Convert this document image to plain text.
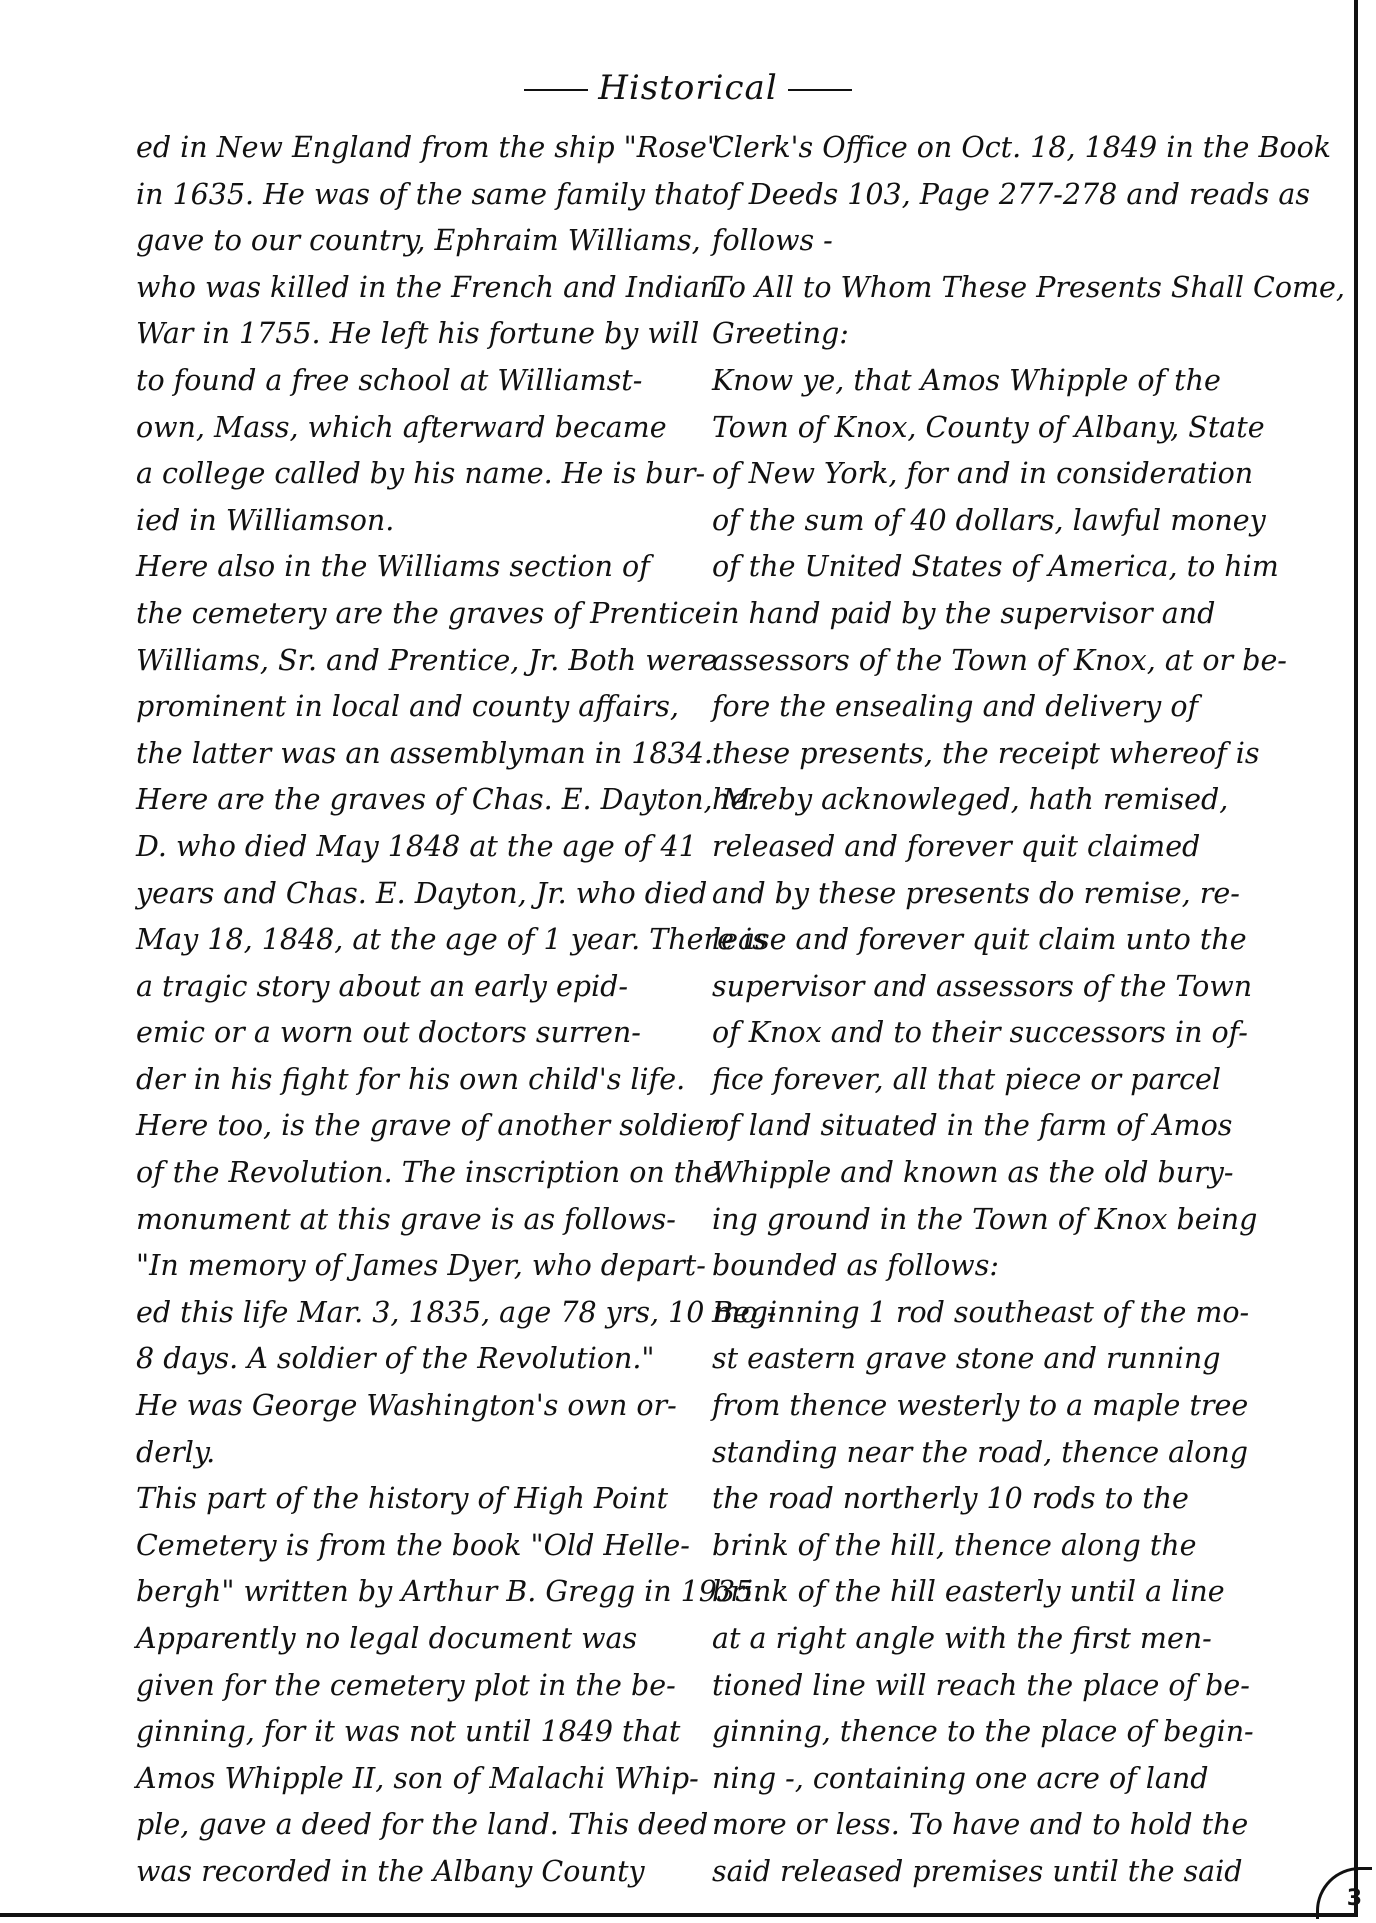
Historical
ed in New England from the ship "Rose"
in 1635. He was of the same family that
gave to our country, Ephraim Williams,
who was killed in the French and Indian
War in 1755. He left his fortune by will
to found a free school at Williamst-
own, Mass, which afterward became
a college called by his name. He is bur-
ied in Williamson.
Here also in the Williams section of
the cemetery are the graves of Prentice
Williams, Sr. and Prentice, Jr. Both were
prominent in local and county affairs,
the latter was an assemblyman in 1834.
Here are the graves of Chas. E. Dayton, M.
D. who died May 1848 at the age of 41
years and Chas. E. Dayton, Jr. who died
May 18, 1848, at the age of 1 year. There is
a tragic story about an early epid-
emic or a worn out doctors surren-
der in his fight for his own child's life.
Here too, is the grave of another soldier
of the Revolution. The inscription on the
monument at this grave is as follows-
"In memory of James Dyer, who depart-
ed this life Mar. 3, 1835, age 78 yrs, 10 mo,-
8 days. A soldier of the Revolution."
He was George Washington's own or-
derly.
This part of the history of High Point
Cemetery is from the book "Old Helle-
bergh" written by Arthur B. Gregg in 1935.
Apparently no legal document was
given for the cemetery plot in the be-
ginning, for it was not until 1849 that
Amos Whipple II, son of Malachi Whip-
ple, gave a deed for the land. This deed
was recorded in the Albany County
Clerk's Office on Oct. 18, 1849 in the Book
of Deeds 103, Page 277-278 and reads as
follows -
To All to Whom These Presents Shall Come,
Greeting:
Know ye, that Amos Whipple of the
Town of Knox, County of Albany, State
of New York, for and in consideration
of the sum of 40 dollars, lawful money
of the United States of America, to him
in hand paid by the supervisor and
assessors of the Town of Knox, at or be-
fore the ensealing and delivery of
these presents, the receipt whereof is
hereby acknowleged, hath remised,
released and forever quit claimed
and by these presents do remise, re-
lease and forever quit claim unto the
supervisor and assessors of the Town
of Knox and to their successors in of-
fice forever, all that piece or parcel
of land situated in the farm of Amos
Whipple and known as the old bury-
ing ground in the Town of Knox being
bounded as follows:
Beginning 1 rod southeast of the mo-
st eastern grave stone and running
from thence westerly to a maple tree
standing near the road, thence along
the road northerly 10 rods to the
brink of the hill, thence along the
brink of the hill easterly until a line
at a right angle with the first men-
tioned line will reach the place of be-
ginning, thence to the place of begin-
ning -, containing one acre of land
more or less. To have and to hold the
said released premises until the said
3
